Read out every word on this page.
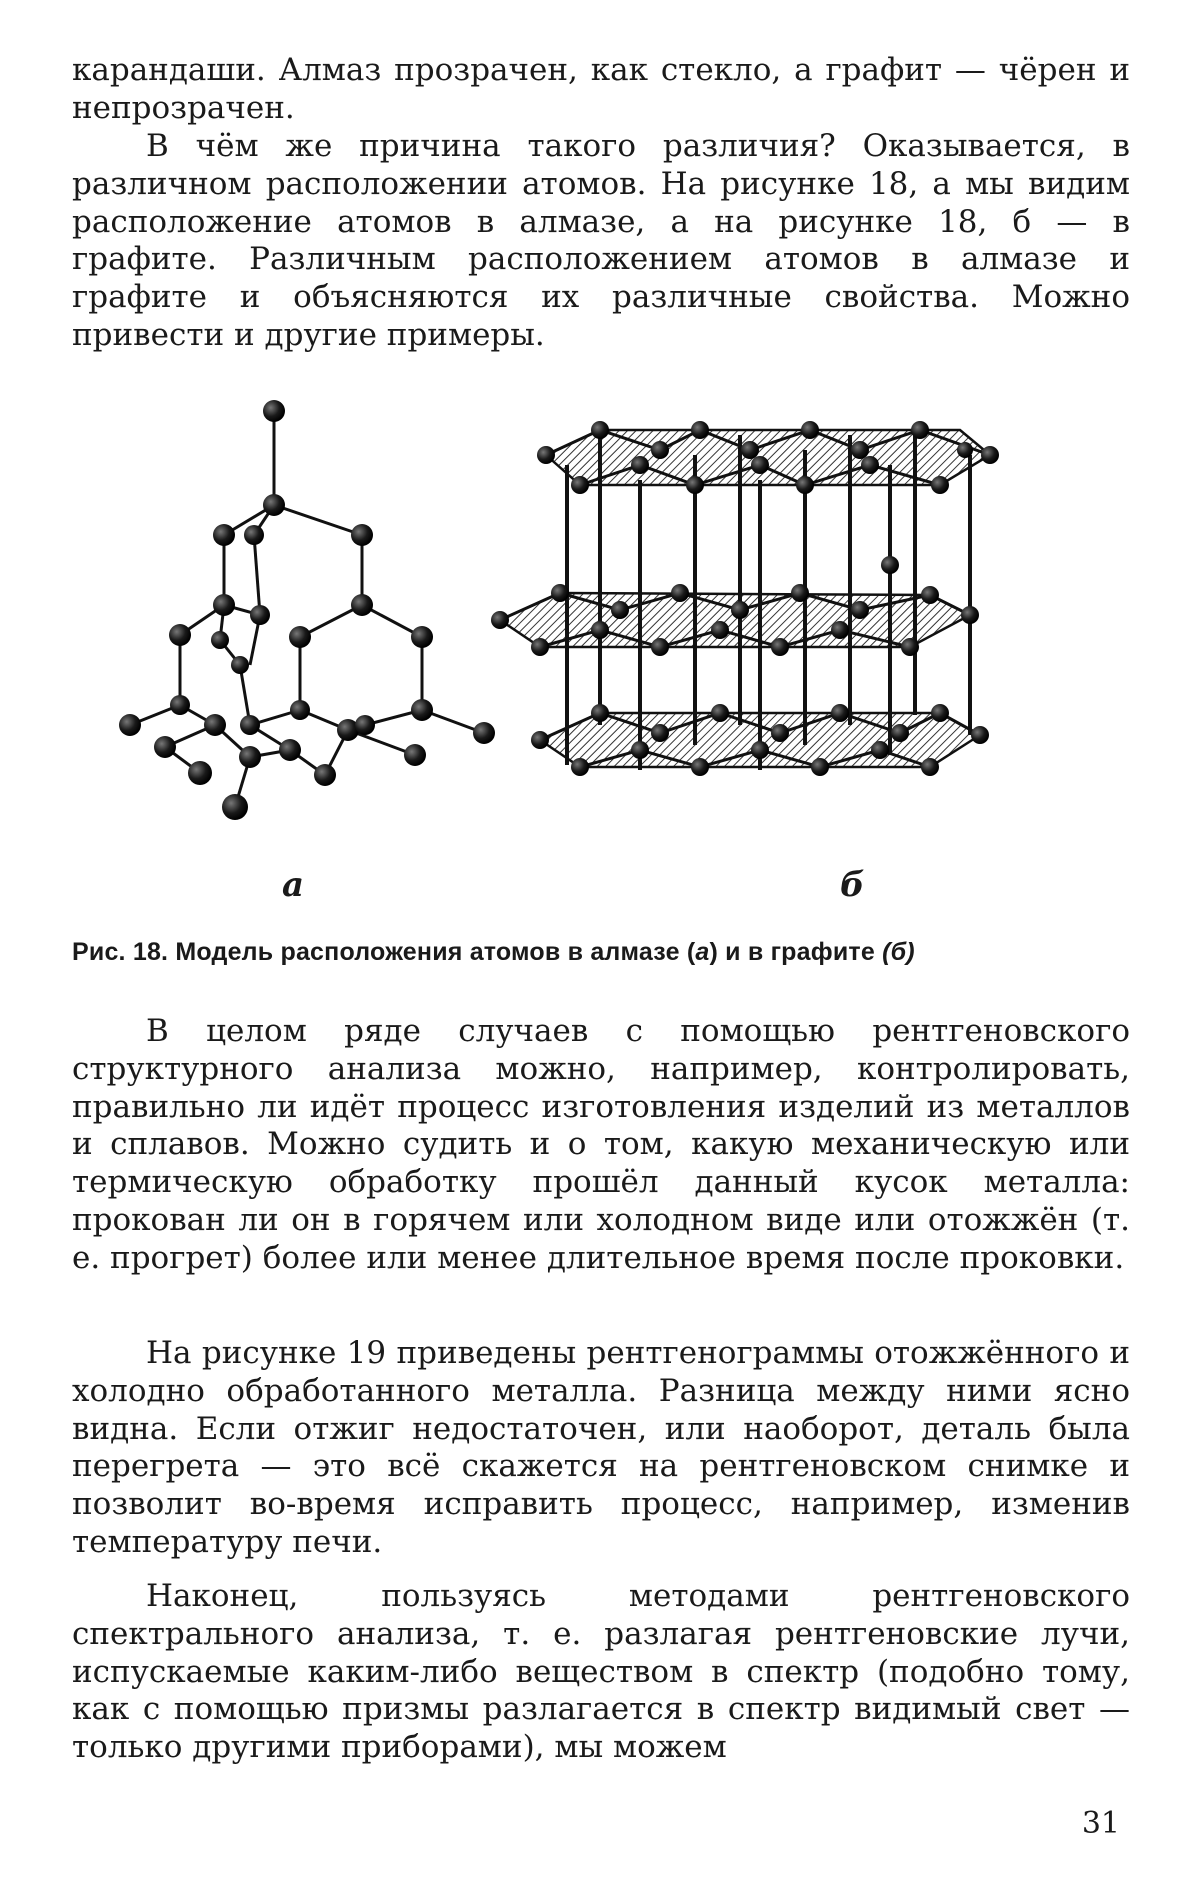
карандаши. Алмаз прозрачен, как стекло, а графит — чёрен и непрозрачен.

В чём же причина такого различия? Оказывается, в различном расположении атомов. На рисунке 18, а мы видим расположение атомов в алмазе, а на рисунке 18, б — в графите. Различным расположением атомов в алмазе и графите и объясняются их различные свойства. Можно привести и другие примеры.

а	б
Рис. 18. Модель расположения атомов в алмазе (а) и в графите (б)

В целом ряде случаев с помощью рентгеновского структурного анализа можно, например, контролировать, правильно ли идёт процесс изготовления изделий из металлов и сплавов. Можно судить и о том, какую механическую или термическую обработку прошёл данный кусок металла: прокован ли он в горячем или холодном виде или отожжён (т. е. прогрет) более или менее длительное время после проковки.

На рисунке 19 приведены рентгенограммы отожжённого и холодно обработанного металла. Разница между ними ясно видна. Если отжиг недостаточен, или наоборот, деталь была перегрета — это всё скажется на рентгеновском снимке и позволит во-время исправить процесс, например, изменив температуру печи.

Наконец, пользуясь методами рентгеновского спектрального анализа, т. е. разлагая рентгеновские лучи, испускаемые каким-либо веществом в спектр (подобно тому, как с помощью призмы разлагается в спектр видимый свет — только другими приборами), мы можем

31
